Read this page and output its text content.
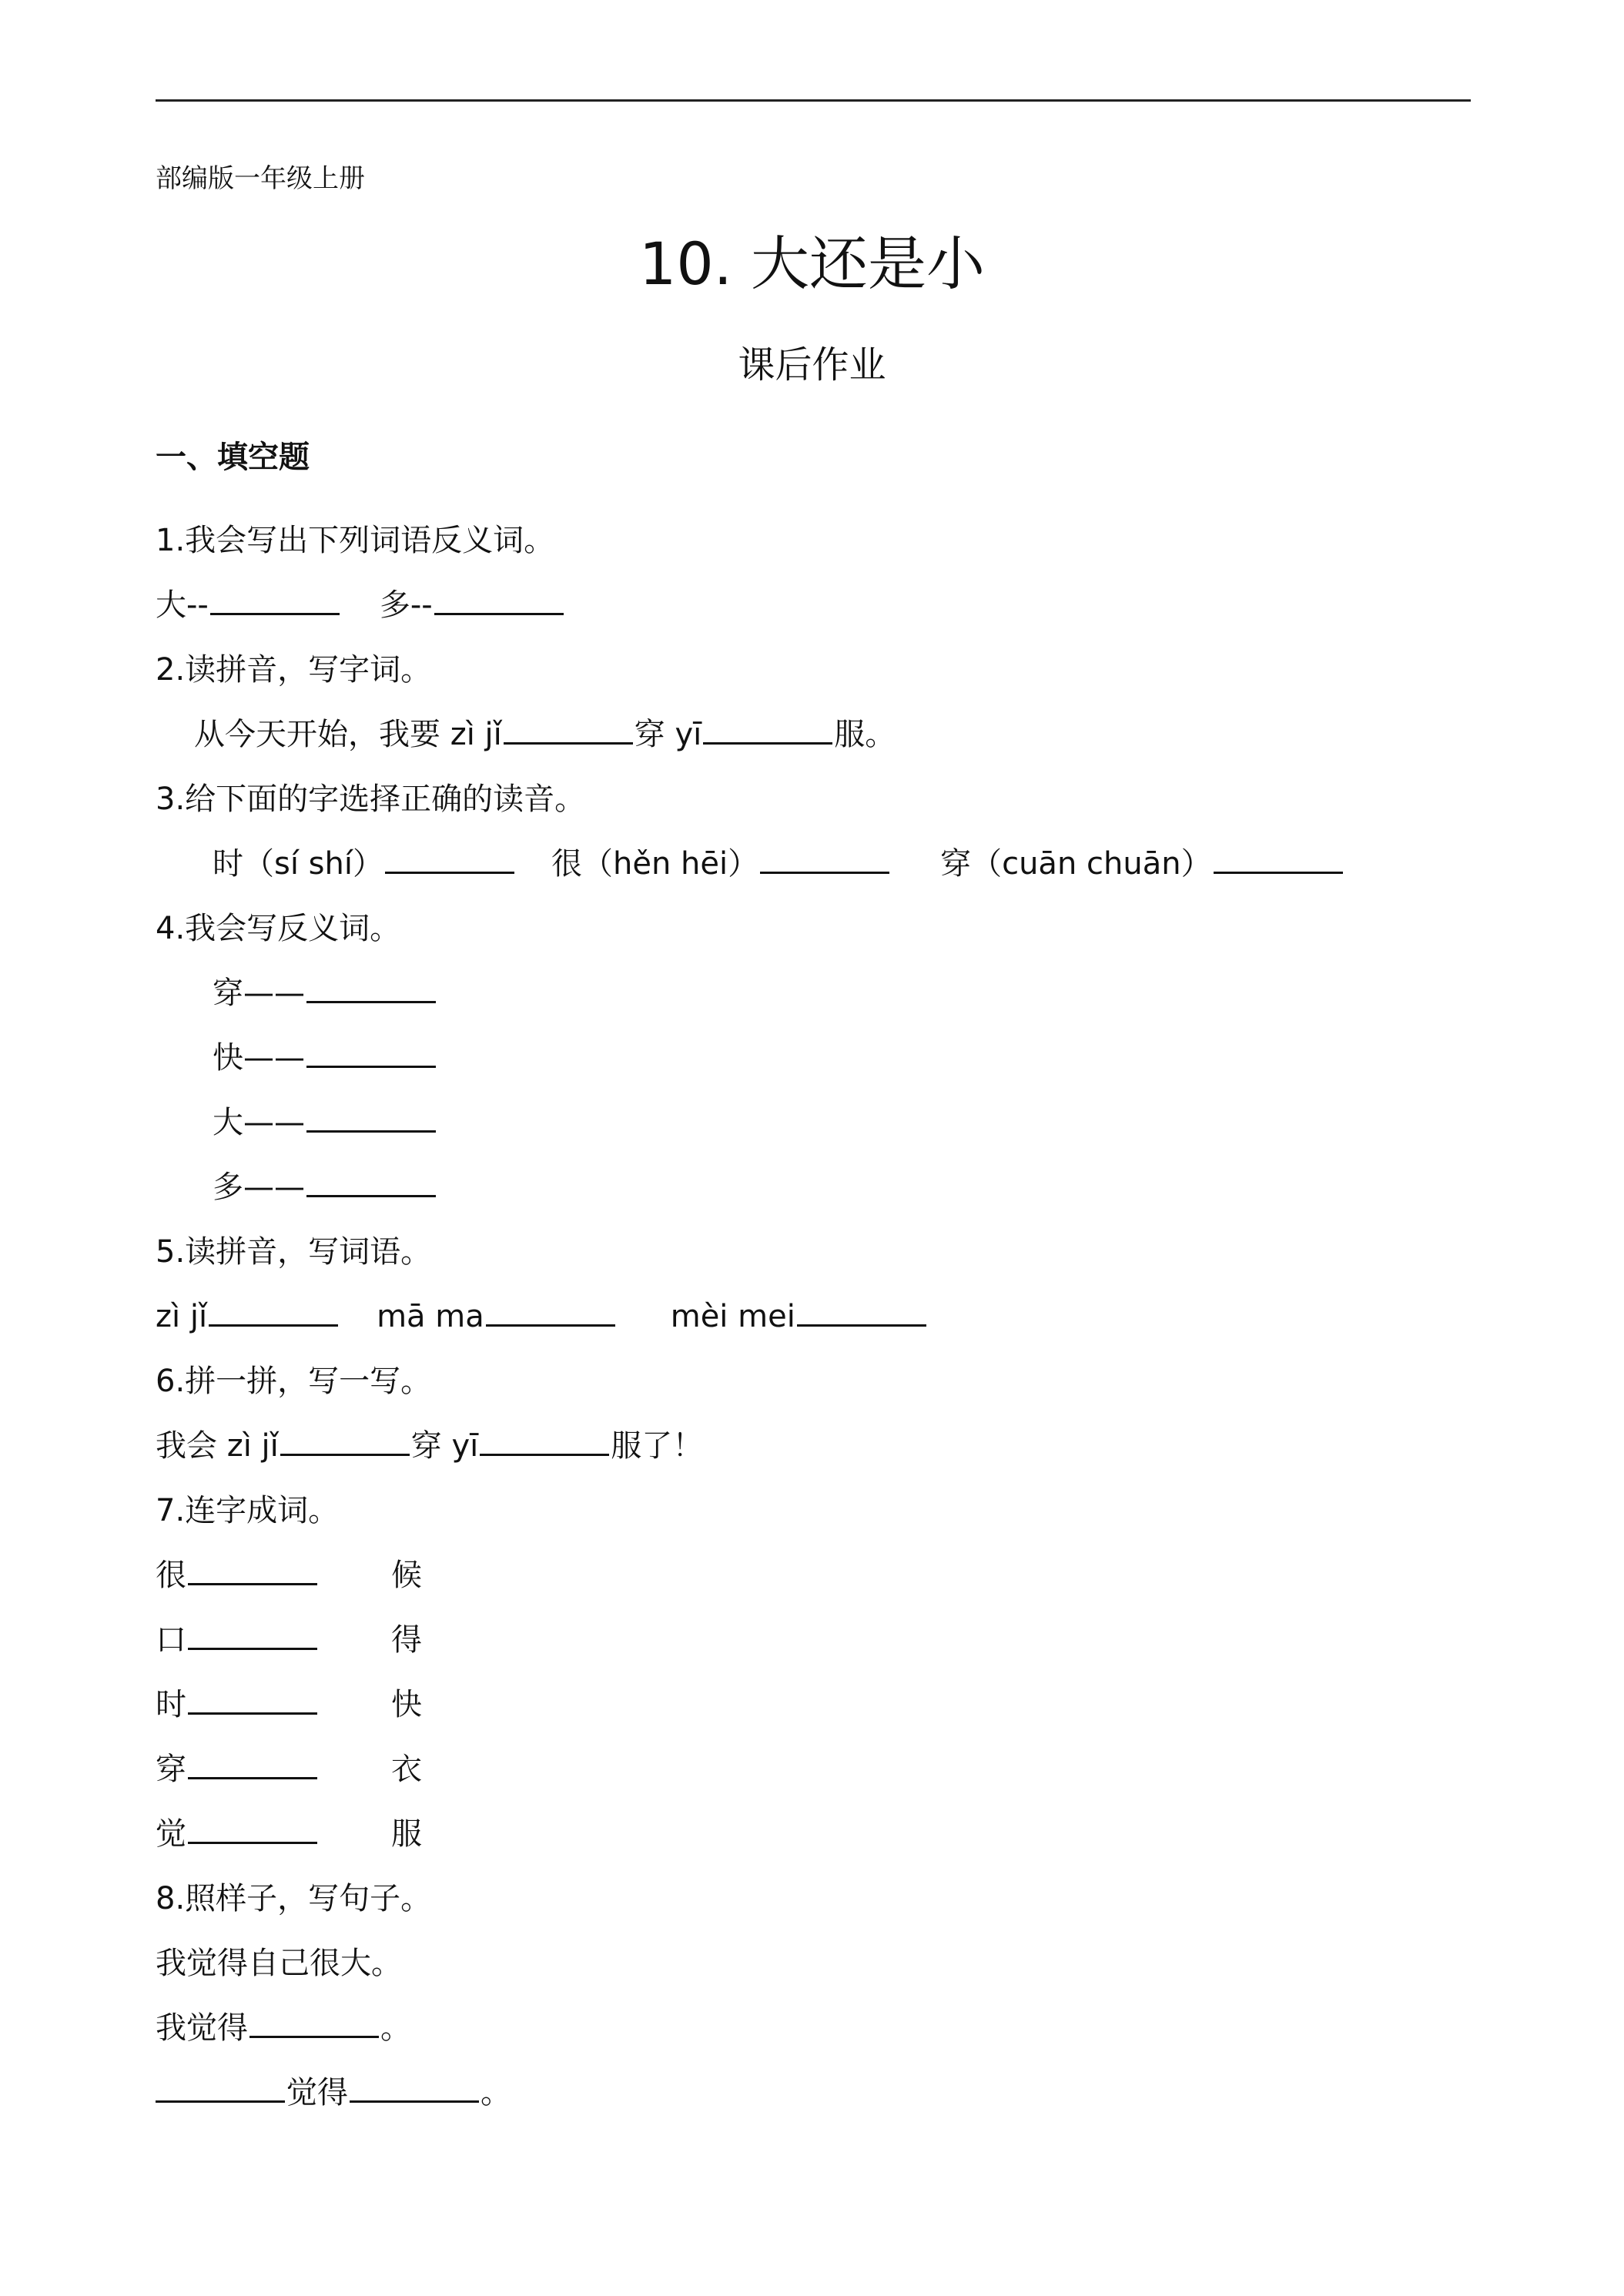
部编版一年级上册
10. 大还是小
课后作业
一、填空题
1.我会写出下列词语反义词。
大--	多--
2.读拼音，写字词。
从今天开始，我要 zì jǐ	穿 yī	服。
3.给下面的字选择正确的读音。
时（sí shí）	很（hěn hēi）	穿（cuān chuān）
4.我会写反义词。
穿——
快——
大——
多——
5.读拼音，写词语。
zì jǐ	mā ma	mèi mei
6.拼一拼，写一写。
我会 zì jǐ	穿 yī	服了！
7.连字成词。
很	候
口	得
时	快
穿	衣
觉	服
8.照样子，写句子。
我觉得自己很大。
我觉得	。
觉得	。
